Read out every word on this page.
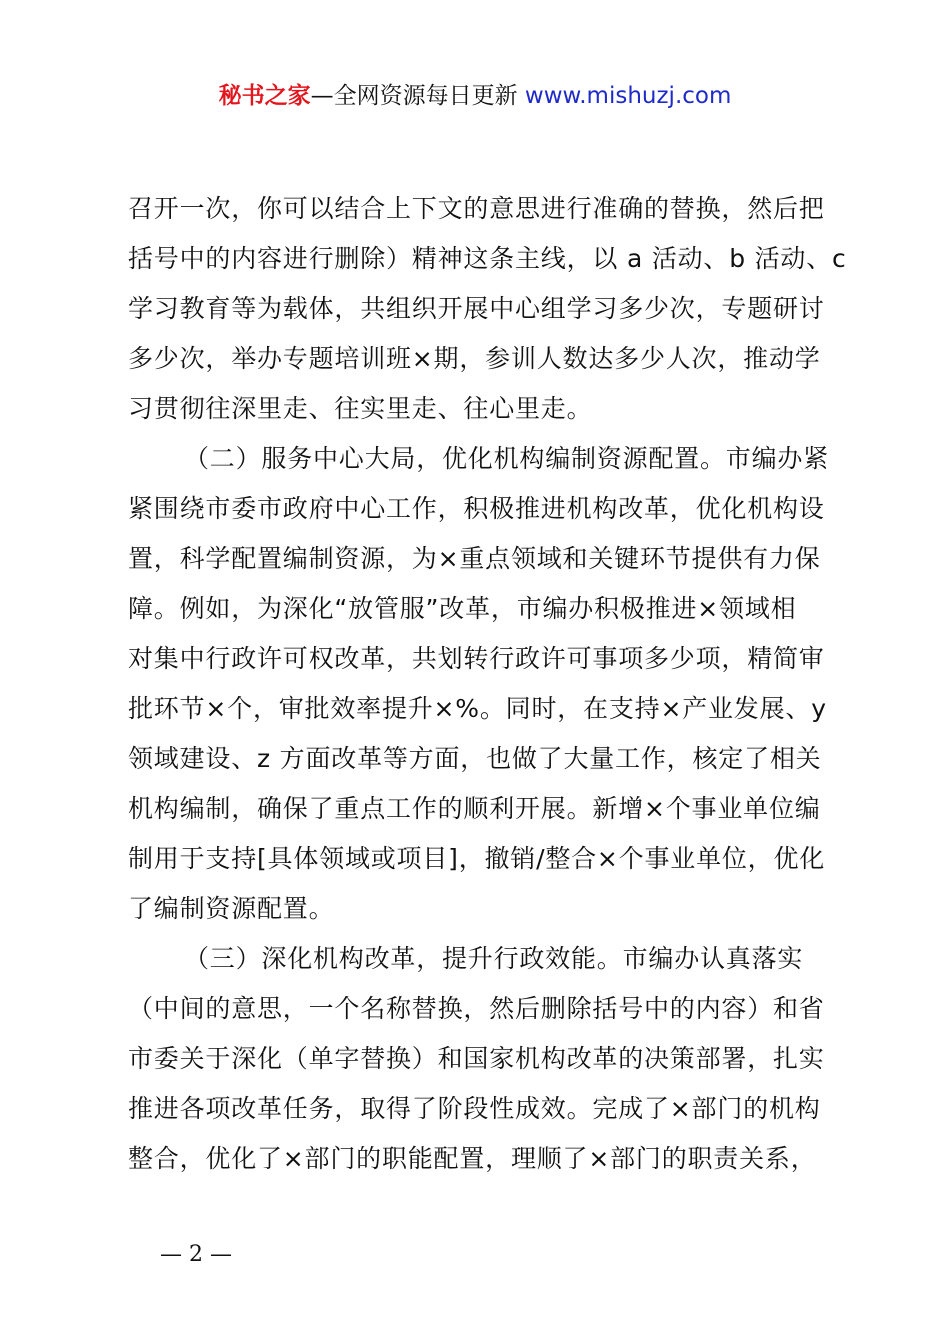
秘书之家—全网资源每日更新 www.mishuzj.com
召开一次，你可以结合上下文的意思进行准确的替换，然后把
括号中的内容进行删除）精神这条主线，以 a 活动、b 活动、c
学习教育等为载体，共组织开展中心组学习多少次，专题研讨
多少次，举办专题培训班×期，参训人数达多少人次，推动学
习贯彻往深里走、往实里走、往心里走。
（二）服务中心大局，优化机构编制资源配置。市编办紧
紧围绕市委市政府中心工作，积极推进机构改革，优化机构设
置，科学配置编制资源，为×重点领域和关键环节提供有力保
障。例如，为深化“放管服”改革，市编办积极推进×领域相
对集中行政许可权改革，共划转行政许可事项多少项，精简审
批环节×个，审批效率提升×%。同时，在支持×产业发展、y
领域建设、z 方面改革等方面，也做了大量工作，核定了相关
机构编制，确保了重点工作的顺利开展。新增×个事业单位编
制用于支持[具体领域或项目]，撤销/整合×个事业单位，优化
了编制资源配置。
（三）深化机构改革，提升行政效能。市编办认真落实
（中间的意思，一个名称替换，然后删除括号中的内容）和省
市委关于深化（单字替换）和国家机构改革的决策部署，扎实
推进各项改革任务，取得了阶段性成效。完成了×部门的机构
整合，优化了×部门的职能配置，理顺了×部门的职责关系，
— 2 —
